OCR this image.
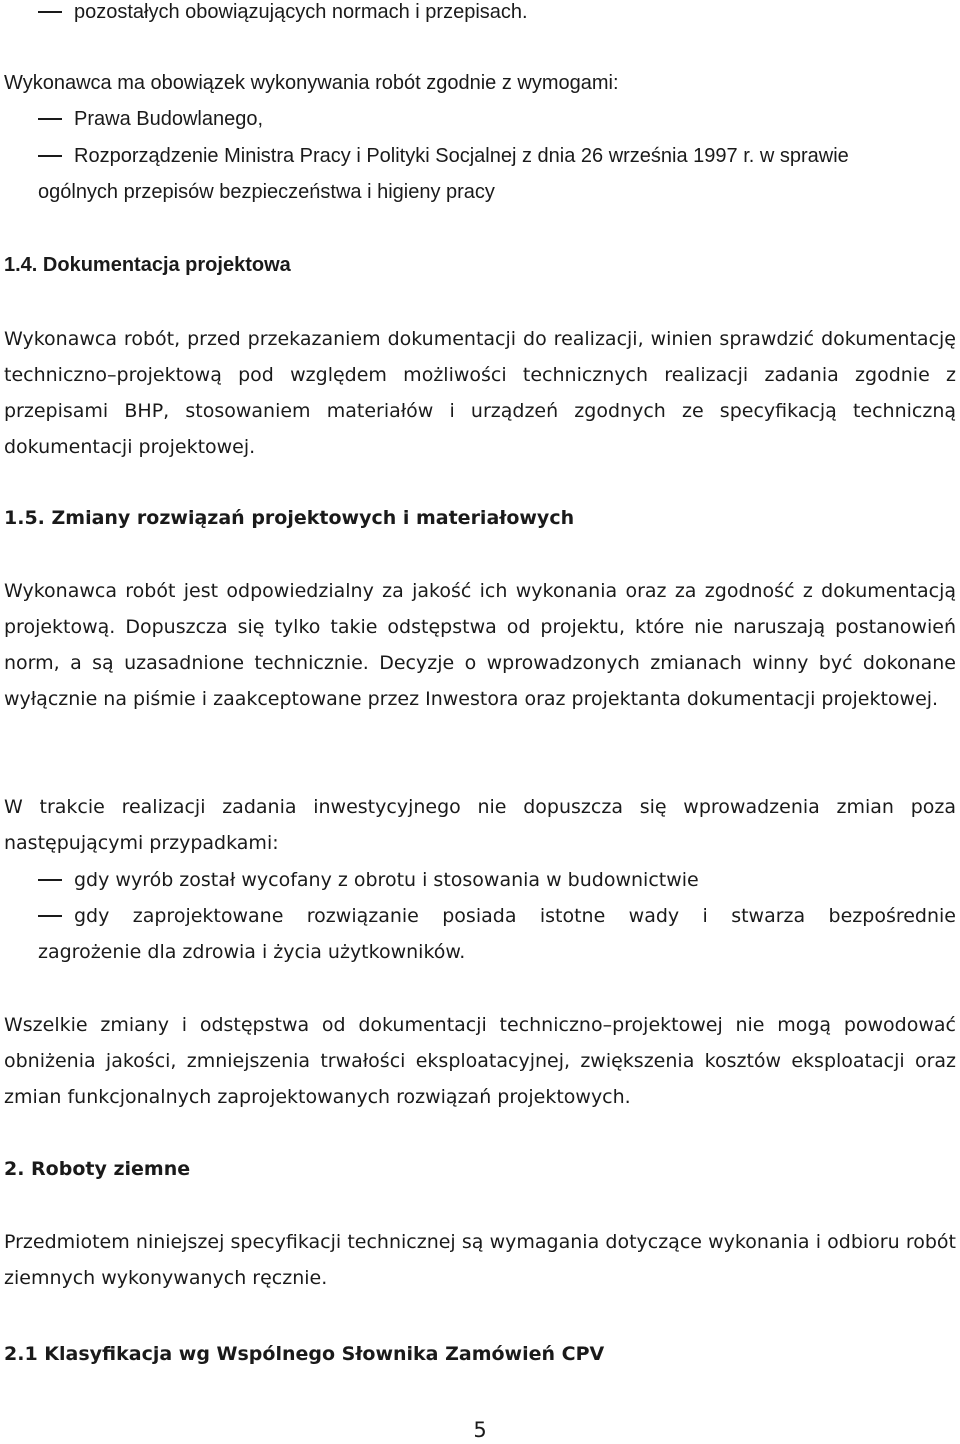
pozostałych obowiązujących normach i przepisach.

Wykonawca ma obowiązek wykonywania robót zgodnie z wymogami:

Prawa Budowlanego,

Rozporządzenie Ministra Pracy i Polityki Socjalnej z dnia 26 września 1997 r. w sprawie
ogólnych przepisów bezpieczeństwa i higieny pracy

1.4. Dokumentacja projektowa

Wykonawca robót, przed przekazaniem dokumentacji do realizacji, winien sprawdzić dokumentację techniczno–projektową pod względem możliwości technicznych realizacji zadania zgodnie z przepisami BHP, stosowaniem materiałów i urządzeń zgodnych ze specyfikacją techniczną dokumentacji projektowej.

1.5. Zmiany rozwiązań projektowych i materiałowych

Wykonawca robót jest odpowiedzialny za jakość ich wykonania oraz za zgodność z dokumentacją projektową. Dopuszcza się tylko takie odstępstwa od projektu, które nie naruszają postanowień norm, a są uzasadnione technicznie. Decyzje o wprowadzonych zmianach winny być dokonane wyłącznie na piśmie i zaakceptowane przez Inwestora oraz projektanta dokumentacji projektowej.

W trakcie realizacji zadania inwestycyjnego nie dopuszcza się wprowadzenia zmian poza następującymi przypadkami:

gdy wyrób został wycofany z obrotu i stosowania w budownictwie

gdy zaprojektowane rozwiązanie posiada istotne wady i stwarza bezpośrednie
zagrożenie dla zdrowia i życia użytkowników.

Wszelkie zmiany i odstępstwa od dokumentacji techniczno–projektowej nie mogą powodować obniżenia jakości, zmniejszenia trwałości eksploatacyjnej, zwiększenia kosztów eksploatacji oraz zmian funkcjonalnych zaprojektowanych rozwiązań projektowych.

2. Roboty ziemne

Przedmiotem niniejszej specyfikacji technicznej są wymagania dotyczące wykonania i odbioru robót ziemnych wykonywanych ręcznie.

2.1 Klasyfikacja wg Wspólnego Słownika Zamówień CPV

5
